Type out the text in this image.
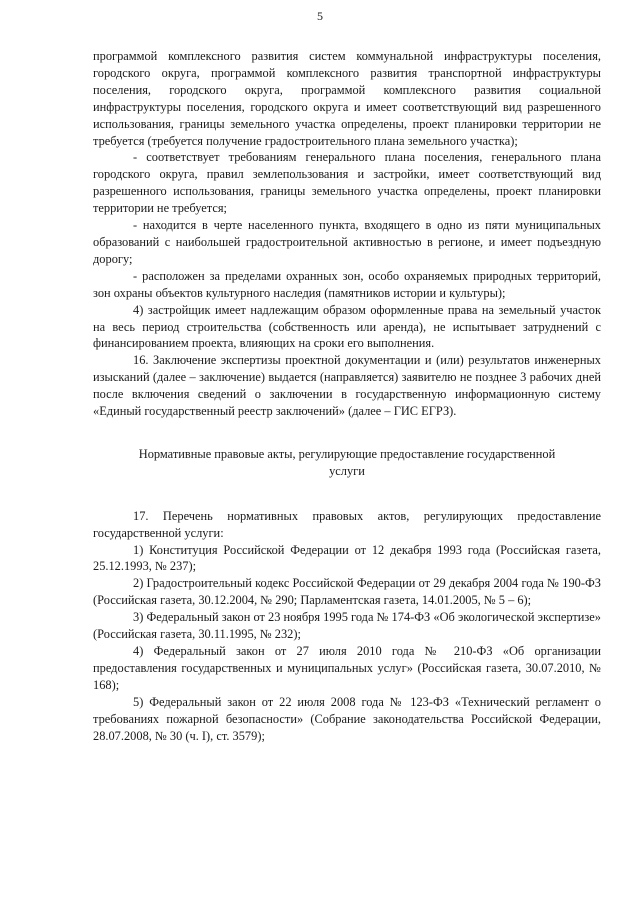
5

программой комплексного развития систем коммунальной инфраструктуры поселения, городского округа, программой комплексного развития транспортной инфраструктуры поселения, городского округа, программой комплексного развития социальной инфраструктуры поселения, городского округа и имеет соответствующий вид разрешенного использования, границы земельного участка определены, проект планировки территории не требуется (требуется получение градостроительного плана земельного участка);

- соответствует требованиям генерального плана поселения, генерального плана городского округа, правил землепользования и застройки, имеет соответствующий вид разрешенного использования, границы земельного участка определены, проект планировки территории не требуется;

- находится в черте населенного пункта, входящего в одно из пяти муниципальных образований с наибольшей градостроительной активностью в регионе, и имеет подъездную дорогу;

- расположен за пределами охранных зон, особо охраняемых природных территорий, зон охраны объектов культурного наследия (памятников истории и культуры);

4) застройщик имеет надлежащим образом оформленные права на земельный участок на весь период строительства (собственность или аренда), не испытывает затруднений с финансированием проекта, влияющих на сроки его выполнения.

16. Заключение экспертизы проектной документации и (или) результатов инженерных изысканий (далее – заключение) выдается (направляется) заявителю не позднее 3 рабочих дней после включения сведений о заключении в государственную информационную систему «Единый государственный реестр заключений» (далее – ГИС ЕГРЗ).

Нормативные правовые акты, регулирующие предоставление государственной услуги

17. Перечень нормативных правовых актов, регулирующих предоставление государственной услуги:

1) Конституция Российской Федерации от 12 декабря 1993 года (Российская газета, 25.12.1993, № 237);

2) Градостроительный кодекс Российской Федерации от 29 декабря 2004 года № 190-ФЗ (Российская газета, 30.12.2004, № 290; Парламентская газета, 14.01.2005, № 5 – 6);

3) Федеральный закон от 23 ноября 1995 года № 174-ФЗ «Об экологической экспертизе» (Российская газета, 30.11.1995, № 232);

4) Федеральный закон от 27 июля 2010 года № 210-ФЗ «Об организации предоставления государственных и муниципальных услуг» (Российская газета, 30.07.2010, № 168);

5) Федеральный закон от 22 июля 2008 года № 123-ФЗ «Технический регламент о требованиях пожарной безопасности» (Собрание законодательства Российской Федерации, 28.07.2008, № 30 (ч. I), ст. 3579);
